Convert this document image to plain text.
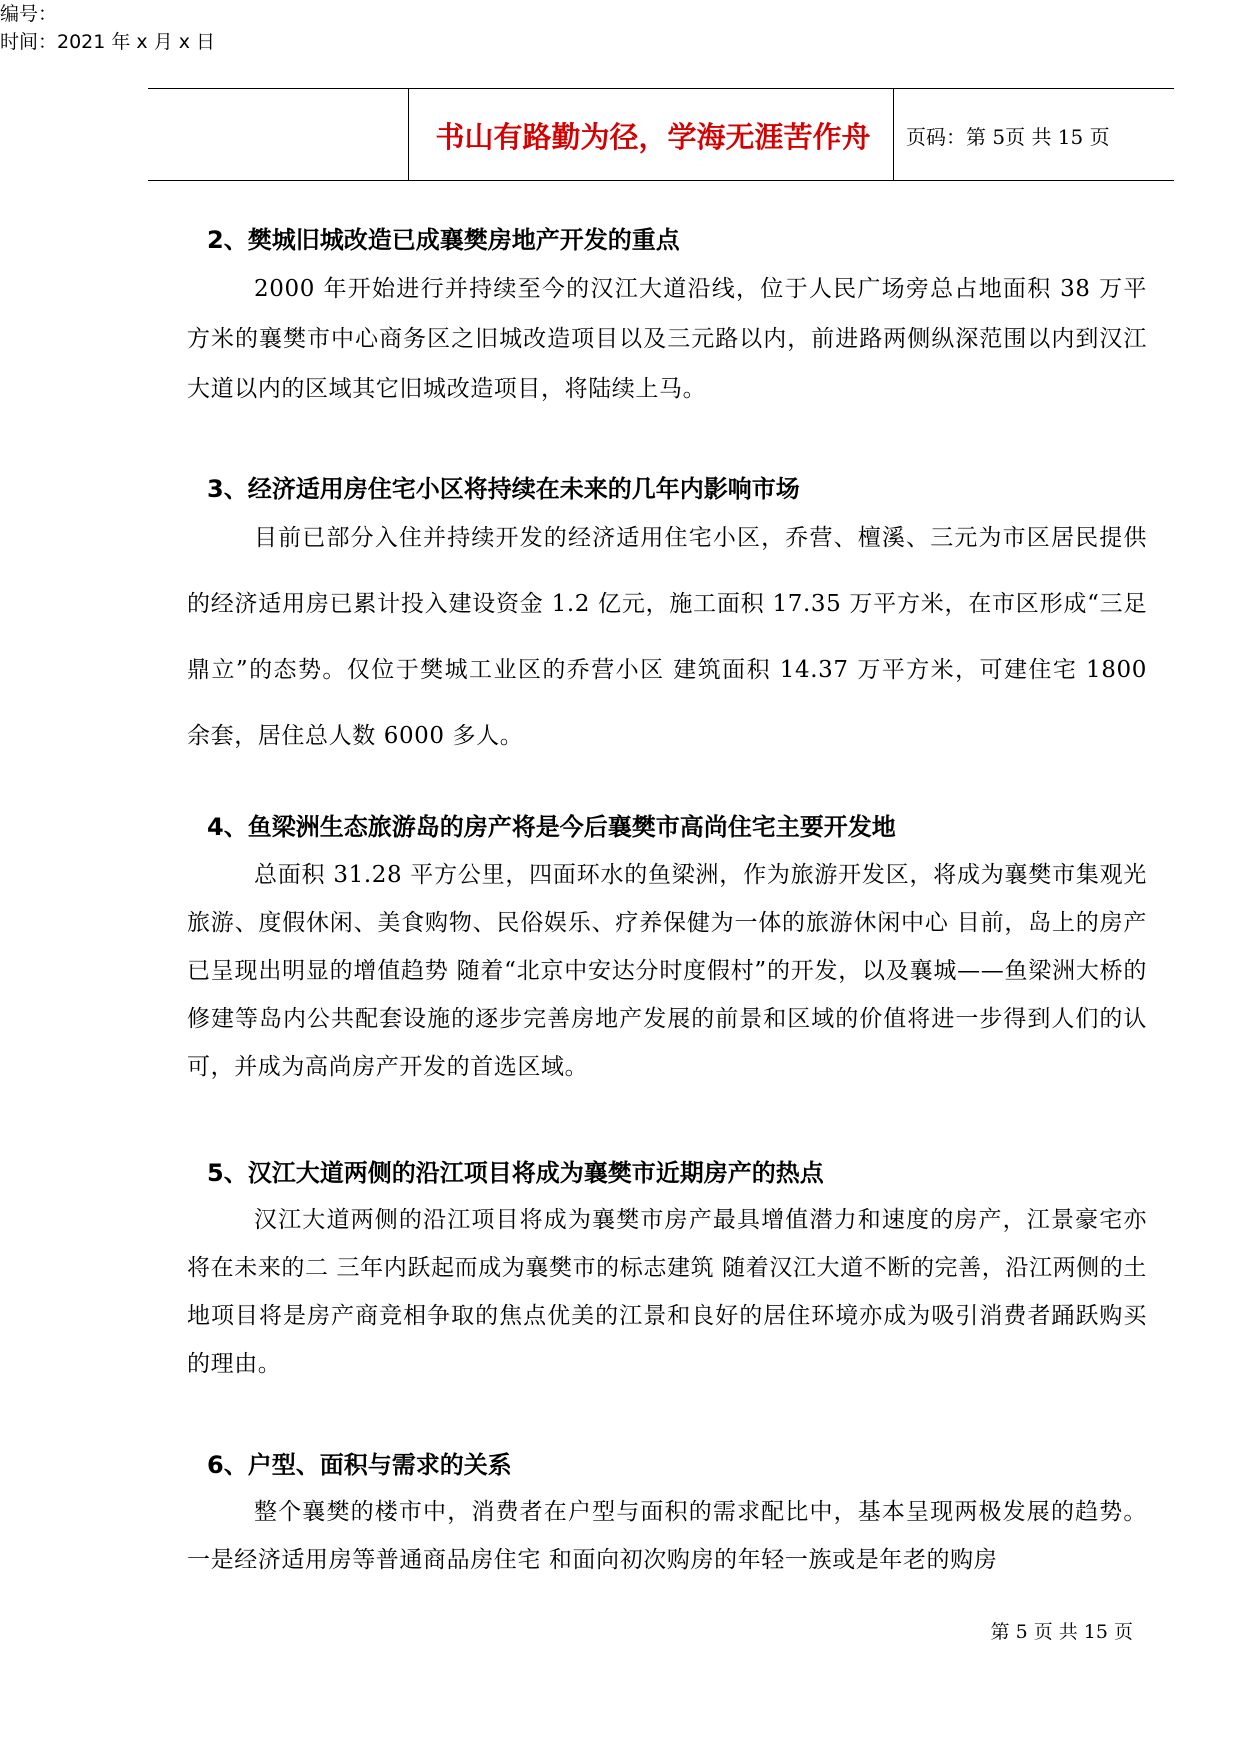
编号：
时间：2021 年 x 月 x 日
书山有路勤为径，学海无涯苦作舟	页码：第 5页 共 15 页
2、樊城旧城改造已成襄樊房地产开发的重点

2000 年开始进行并持续至今的汉江大道沿线，位于人民广场旁总占地面积 38 万平方米的襄樊市中心商务区之旧城改造项目以及三元路以内，前进路两侧纵深范围以内到汉江大道以内的区域其它旧城改造项目，将陆续上马。

3、经济适用房住宅小区将持续在未来的几年内影响市场

目前已部分入住并持续开发的经济适用住宅小区，乔营、檀溪、三元为市区居民提供的经济适用房已累计投入建设资金 1.2 亿元，施工面积 17.35 万平方米，在市区形成“三足鼎立”的态势。仅位于樊城工业区的乔营小区 建筑面积 14.37 万平方米，可建住宅 1800 余套，居住总人数 6000 多人。

4、鱼梁洲生态旅游岛的房产将是今后襄樊市高尚住宅主要开发地

总面积 31.28 平方公里，四面环水的鱼梁洲，作为旅游开发区，将成为襄樊市集观光旅游、度假休闲、美食购物、民俗娱乐、疗养保健为一体的旅游休闲中心 目前，岛上的房产已呈现出明显的增值趋势 随着“北京中安达分时度假村”的开发，以及襄城——鱼梁洲大桥的修建等岛内公共配套设施的逐步完善房地产发展的前景和区域的价值将进一步得到人们的认可，并成为高尚房产开发的首选区域。

5、汉江大道两侧的沿江项目将成为襄樊市近期房产的热点

汉江大道两侧的沿江项目将成为襄樊市房产最具增值潜力和速度的房产，江景豪宅亦将在未来的二 三年内跃起而成为襄樊市的标志建筑 随着汉江大道不断的完善，沿江两侧的土地项目将是房产商竞相争取的焦点优美的江景和良好的居住环境亦成为吸引消费者踊跃购买的理由。

6、户型、面积与需求的关系

整个襄樊的楼市中，消费者在户型与面积的需求配比中，基本呈现两极发展的趋势。一是经济适用房等普通商品房住宅 和面向初次购房的年轻一族或是年老的购房

第 5 页 共 15 页
